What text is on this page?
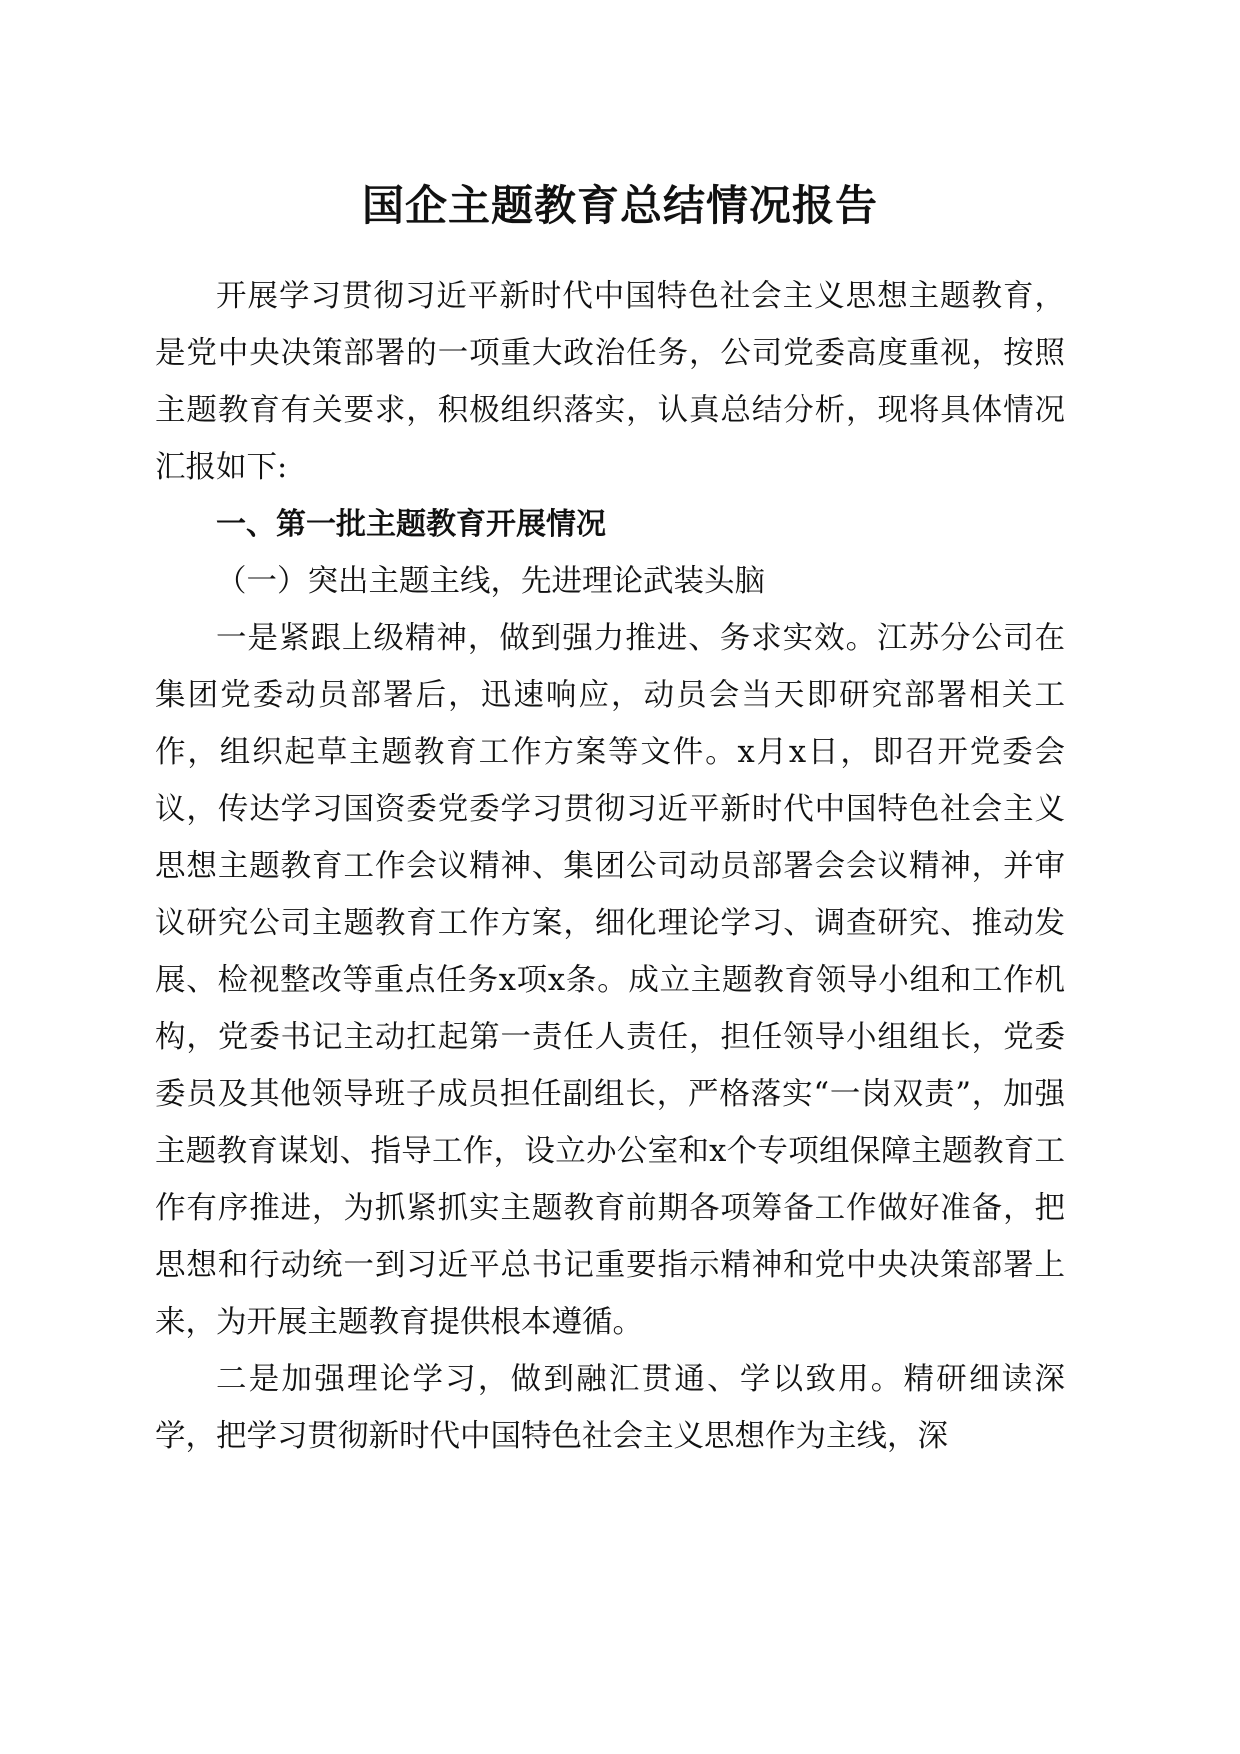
国企主题教育总结情况报告

开展学习贯彻习近平新时代中国特色社会主义思想主题教育，是党中央决策部署的一项重大政治任务，公司党委高度重视，按照主题教育有关要求，积极组织落实，认真总结分析，现将具体情况汇报如下:

一、第一批主题教育开展情况

（一）突出主题主线，先进理论武装头脑

一是紧跟上级精神，做到强力推进、务求实效。江苏分公司在集团党委动员部署后，迅速响应，动员会当天即研究部署相关工作，组织起草主题教育工作方案等文件。x月x日，即召开党委会议，传达学习国资委党委学习贯彻习近平新时代中国特色社会主义思想主题教育工作会议精神、集团公司动员部署会会议精神，并审议研究公司主题教育工作方案，细化理论学习、调查研究、推动发展、检视整改等重点任务x项x条。成立主题教育领导小组和工作机构，党委书记主动扛起第一责任人责任，担任领导小组组长，党委委员及其他领导班子成员担任副组长，严格落实“一岗双责”，加强主题教育谋划、指导工作，设立办公室和x个专项组保障主题教育工作有序推进，为抓紧抓实主题教育前期各项筹备工作做好准备，把思想和行动统一到习近平总书记重要指示精神和党中央决策部署上来，为开展主题教育提供根本遵循。

二是加强理论学习，做到融汇贯通、学以致用。精研细读深学，把学习贯彻新时代中国特色社会主义思想作为主线，深
